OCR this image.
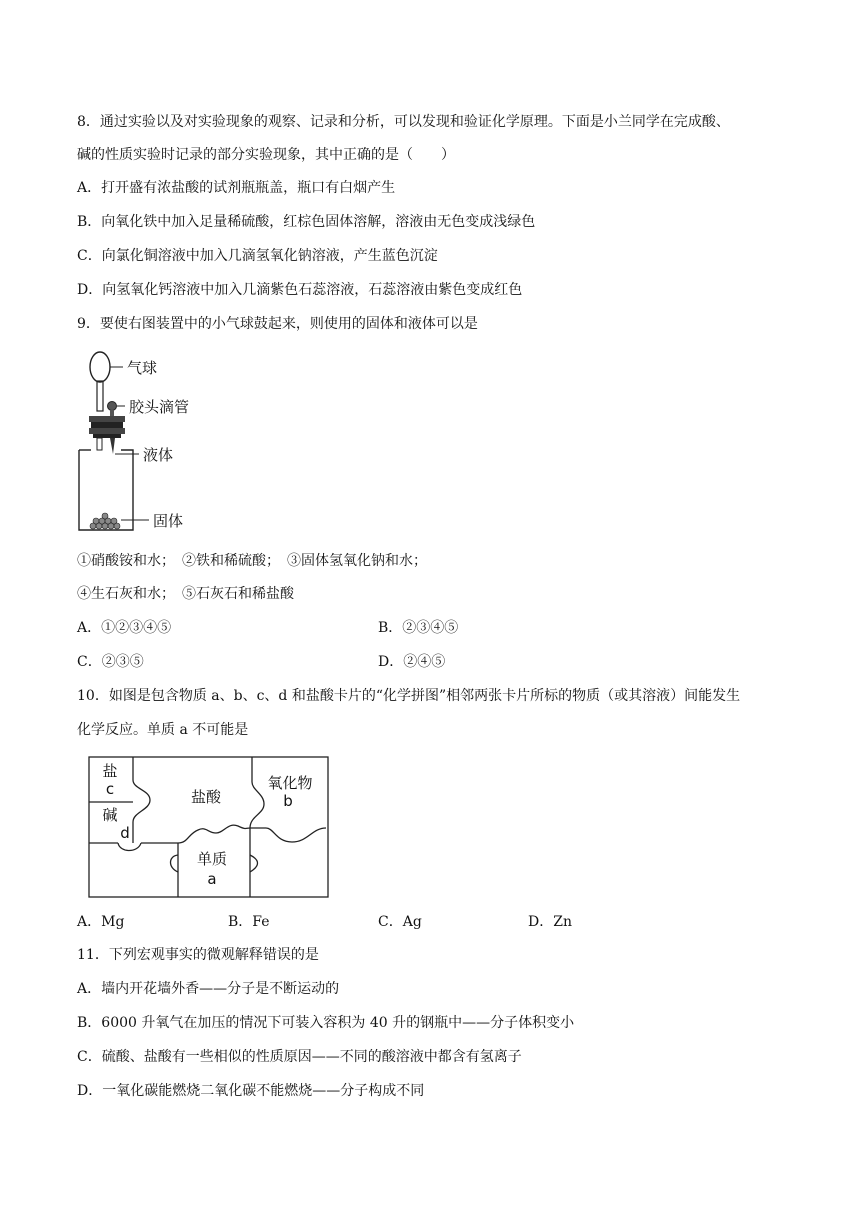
8．通过实验以及对实验现象的观察、记录和分析，可以发现和验证化学原理。下面是小兰同学在完成酸、
碱的性质实验时记录的部分实验现象，其中正确的是（　　）
A．打开盛有浓盐酸的试剂瓶瓶盖，瓶口有白烟产生
B．向氧化铁中加入足量稀硫酸，红棕色固体溶解，溶液由无色变成浅绿色
C．向氯化铜溶液中加入几滴氢氧化钠溶液，产生蓝色沉淀
D．向氢氧化钙溶液中加入几滴紫色石蕊溶液，石蕊溶液由紫色变成红色
9．要使右图装置中的小气球鼓起来，则使用的固体和液体可以是
气球
胶头滴管
液体
固体
①硝酸铵和水；　②铁和稀硫酸；　③固体氢氧化钠和水；
④生石灰和水；　⑤石灰石和稀盐酸
A．①②③④⑤	B．②③④⑤
C．②③⑤	D．②④⑤
10．如图是包含物质 a、b、c、d 和盐酸卡片的“化学拼图”相邻两张卡片所标的物质（或其溶液）间能发生
化学反应。单质 a 不可能是
盐
c
碱
d
盐酸
氧化物
b
单质
a
A．Mg	B．Fe	C．Ag	D．Zn
11．下列宏观事实的微观解释错误的是
A．墙内开花墙外香——分子是不断运动的
B．6000 升氧气在加压的情况下可装入容积为 40 升的钢瓶中——分子体积变小
C．硫酸、盐酸有一些相似的性质原因——不同的酸溶液中都含有氢离子
D．一氧化碳能燃烧二氧化碳不能燃烧——分子构成不同
